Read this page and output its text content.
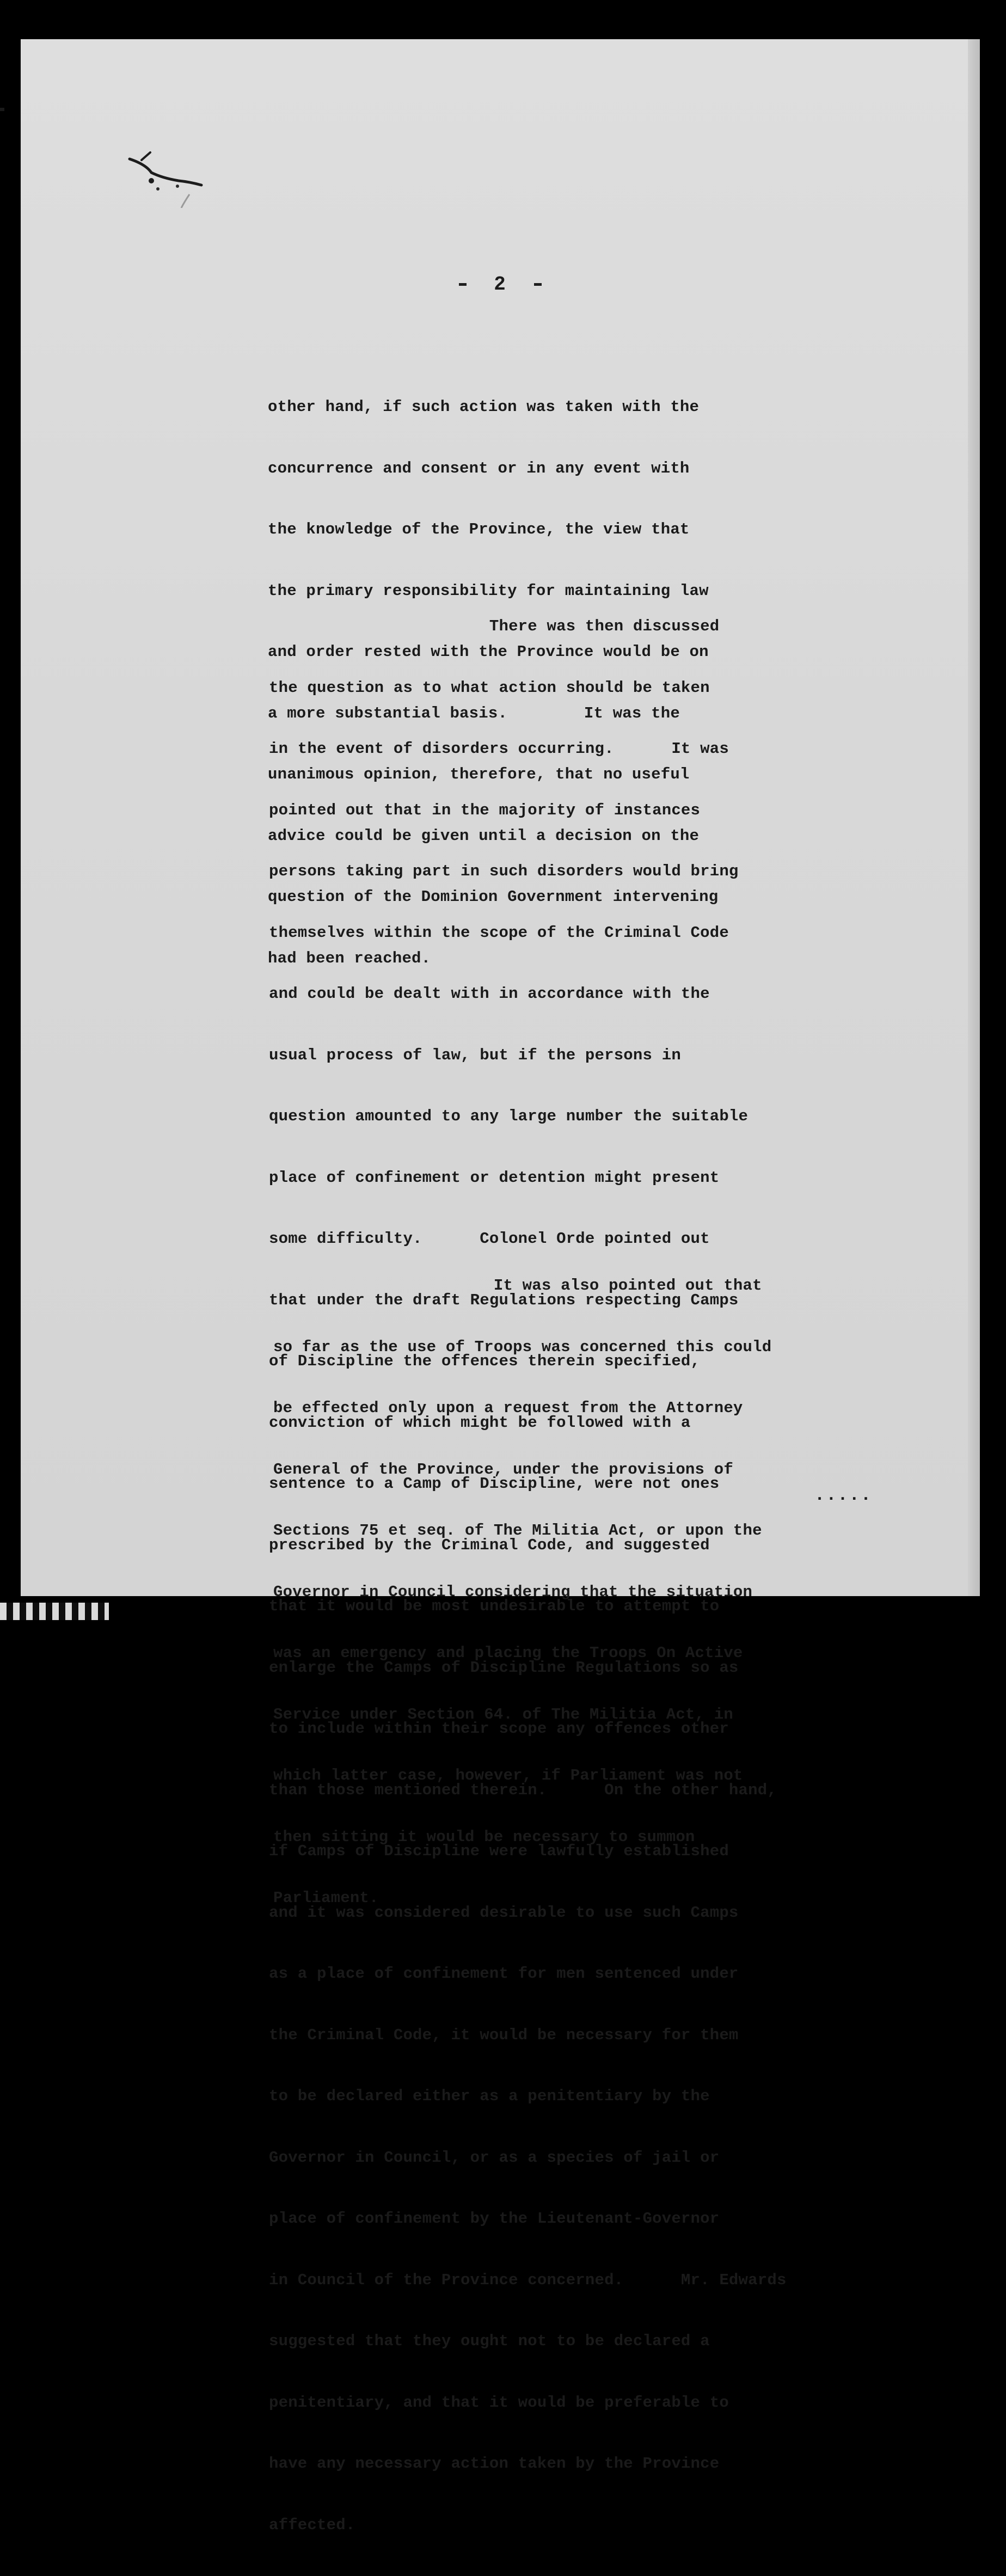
2

other hand, if such action was taken with the

concurrence and consent or in any event with

the knowledge of the Province, the view that

the primary responsibility for maintaining law

and order rested with the Province would be on

a more substantial basis.        It was the

unanimous opinion, therefore, that no useful

advice could be given until a decision on the

question of the Dominion Government intervening

had been reached.

There was then discussed

the question as to what action should be taken

in the event of disorders occurring.      It was

pointed out that in the majority of instances

persons taking part in such disorders would bring

themselves within the scope of the Criminal Code

and could be dealt with in accordance with the

usual process of law, but if the persons in

question amounted to any large number the suitable

place of confinement or detention might present

some difficulty.      Colonel Orde pointed out

that under the draft Regulations respecting Camps

of Discipline the offences therein specified,

conviction of which might be followed with a

sentence to a Camp of Discipline, were not ones

prescribed by the Criminal Code, and suggested

that it would be most undesirable to attempt to

enlarge the Camps of Discipline Regulations so as

to include within their scope any offences other

than those mentioned therein.      On the other hand,

if Camps of Discipline were lawfully established

and it was considered desirable to use such Camps

as a place of confinement for men sentenced under

the Criminal Code, it would be necessary for them

to be declared either as a penitentiary by the

Governor in Council, or as a species of jail or

place of confinement by the Lieutenant-Governor

in Council of the Province concerned.      Mr. Edwards

suggested that they ought not to be declared a

penitentiary, and that it would be preferable to

have any necessary action taken by the Province

affected.

It was also pointed out that

so far as the use of Troops was concerned this could

be effected only upon a request from the Attorney

General of the Province, under the provisions of

Sections 75 et seq. of The Militia Act, or upon the

Governor in Council considering that the situation

was an emergency and placing the Troops On Active

Service under Section 64. of The Militia Act, in

which latter case, however, if Parliament was not

then sitting it would be necessary to summon

Parliament.

.....
